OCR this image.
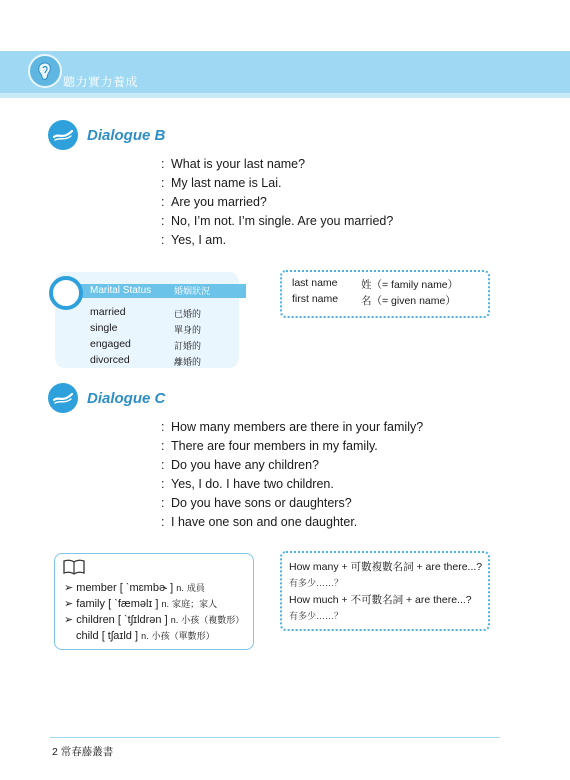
聽力實力養成
Dialogue B
: What is your last name?
: My last name is Lai.
: Are you married?
: No, I’m not. I’m single. Are you married?
: Yes, I am.
Marital Status	婚姻狀況
married	已婚的
single	單身的
engaged	訂婚的
divorced	離婚的
last name 姓（= family name）
first name 名（= given name）
Dialogue C
: How many members are there in your family?
: There are four members in my family.
: Do you have any children?
: Yes, I do. I have two children.
: Do you have sons or daughters?
: I have one son and one daughter.
➢ member [ ˋmɛmbɚ ] n. 成員
➢ family [ ˋfæməlɪ ] n. 家庭；家人
➢ children [ ˋtʃɪldrən ] n. 小孩（複數形）
child [ tʃaɪld ] n. 小孩（單數形）
How many + 可數複數名詞 + are there...?
有多少……？
How much + 不可數名詞 + are there...?
有多少……？
2 常春藤叢書
